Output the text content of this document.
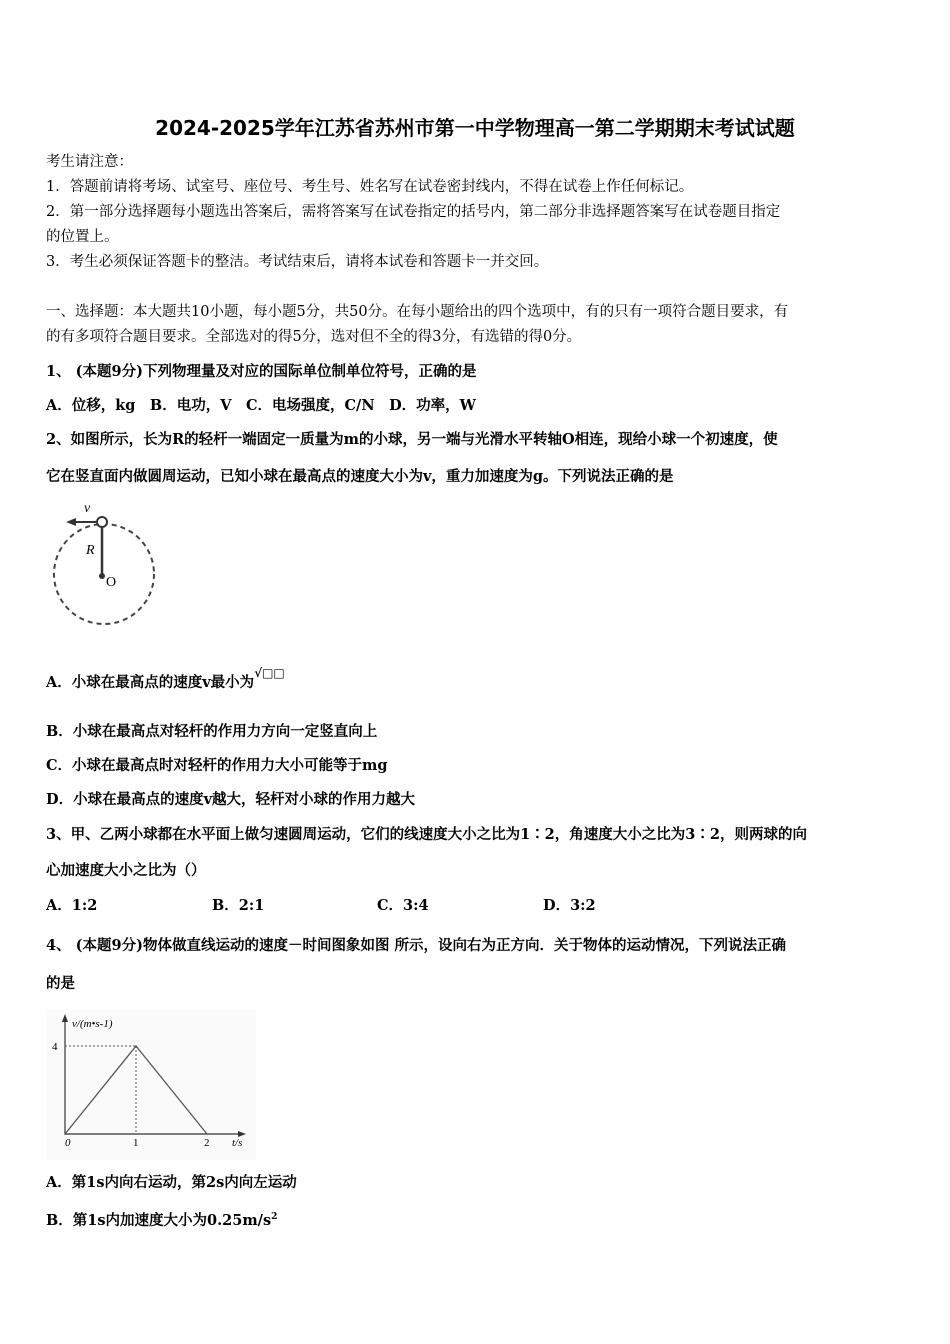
2024-2025学年江苏省苏州市第一中学物理高一第二学期期末考试试题
考生请注意：
1．答题前请将考场、试室号、座位号、考生号、姓名写在试卷密封线内，不得在试卷上作任何标记。
2．第一部分选择题每小题选出答案后，需将答案写在试卷指定的括号内，第二部分非选择题答案写在试卷题目指定
的位置上。
3．考生必须保证答题卡的整洁。考试结束后，请将本试卷和答题卡一并交回。
一、选择题：本大题共10小题，每小题5分，共50分。在每小题给出的四个选项中，有的只有一项符合题目要求，有
的有多项符合题目要求。全部选对的得5分，选对但不全的得3分，有选错的得0分。
1、 (本题9分)下列物理量及对应的国际单位制单位符号，正确的是
A．位移，kg　B．电功，V　C．电场强度，C/N　D．功率，W
2、如图所示，长为R的轻杆一端固定一质量为m的小球，另一端与光滑水平转轴O相连，现给小球一个初速度，使
它在竖直面内做圆周运动，已知小球在最高点的速度大小为v，重力加速度为g。下列说法正确的是
v
R
O
A．小球在最高点的速度v最小为√□□
B．小球在最高点对轻杆的作用力方向一定竖直向上
C．小球在最高点时对轻杆的作用力大小可能等于mg
D．小球在最高点的速度v越大，轻杆对小球的作用力越大
3、甲、乙两小球都在水平面上做匀速圆周运动，它们的线速度大小之比为1∶2，角速度大小之比为3∶2，则两球的向
心加速度大小之比为（）
A．1:2	B．2:1	C．3:4	D．3:2
4、 (本题9分)物体做直线运动的速度－时间图象如图 所示，设向右为正方向．关于物体的运动情况，下列说法正确
的是
v/(m•s-1)
t/s
0	1	2
4
A．第1s内向右运动，第2s内向左运动
B．第1s内加速度大小为$0.25m/s^2$
